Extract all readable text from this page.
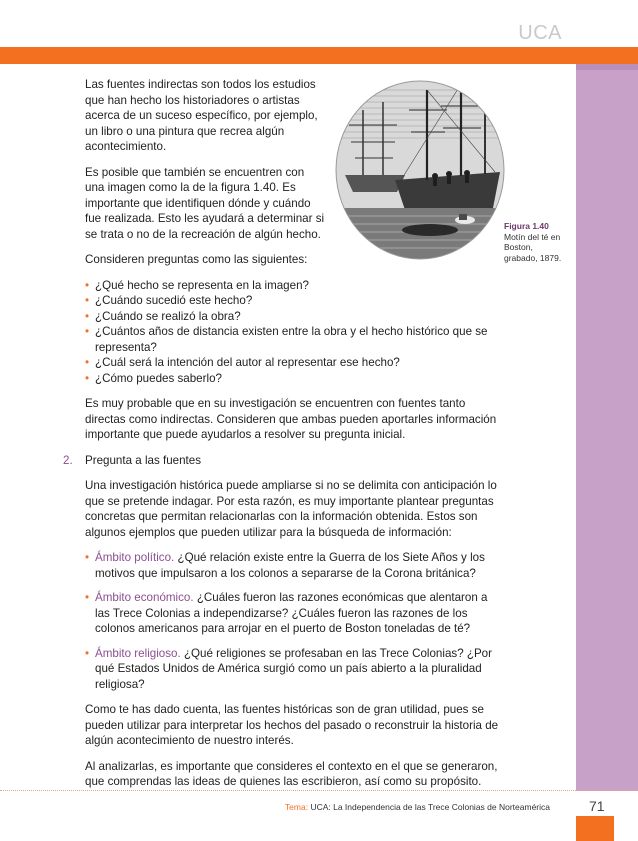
UCA
Figura 1.40
Motín del té en Boston, grabado, 1879.

Las fuentes indirectas son todos los estudios que han hecho los historiadores o artistas acerca de un suceso específico, por ejemplo, un libro o una pintura que recrea algún acontecimiento.

Es posible que también se encuentren con una imagen como la de la figura 1.40. Es importante que identifiquen dónde y cuándo fue realizada. Esto les ayudará a determinar si se trata o no de la recreación de algún hecho.

Consideren preguntas como las siguientes:

• ¿Qué hecho se representa en la imagen?
• ¿Cuándo sucedió este hecho?
• ¿Cuándo se realizó la obra?
• ¿Cuántos años de distancia existen entre la obra y el hecho histórico que se representa?
• ¿Cuál será la intención del autor al representar ese hecho?
• ¿Cómo puedes saberlo?

Es muy probable que en su investigación se encuentren con fuentes tanto directas como indirectas. Consideren que ambas pueden aportarles información importante que puede ayudarlos a resolver su pregunta inicial.

2. Pregunta a las fuentes

Una investigación histórica puede ampliarse si no se delimita con anticipación lo que se pretende indagar. Por esta razón, es muy importante plantear preguntas concretas que permitan relacionarlas con la información obtenida. Estos son algunos ejemplos que pueden utilizar para la búsqueda de información:

• Ámbito político. ¿Qué relación existe entre la Guerra de los Siete Años y los motivos que impulsaron a los colonos a separarse de la Corona británica?
• Ámbito económico. ¿Cuáles fueron las razones económicas que alentaron a las Trece Colonias a independizarse? ¿Cuáles fueron las razones de los colonos americanos para arrojar en el puerto de Boston toneladas de té?
• Ámbito religioso. ¿Qué religiones se profesaban en las Trece Colonias? ¿Por qué Estados Unidos de América surgió como un país abierto a la pluralidad religiosa?

Como te has dado cuenta, las fuentes históricas son de gran utilidad, pues se pueden utilizar para interpretar los hechos del pasado o reconstruir la historia de algún acontecimiento de nuestro interés.

Al analizarlas, es importante que consideres el contexto en el que se generaron, que comprendas las ideas de quienes las escribieron, así como su propósito.

Tema: UCA: La Independencia de las Trece Colonias de Norteamérica	71
